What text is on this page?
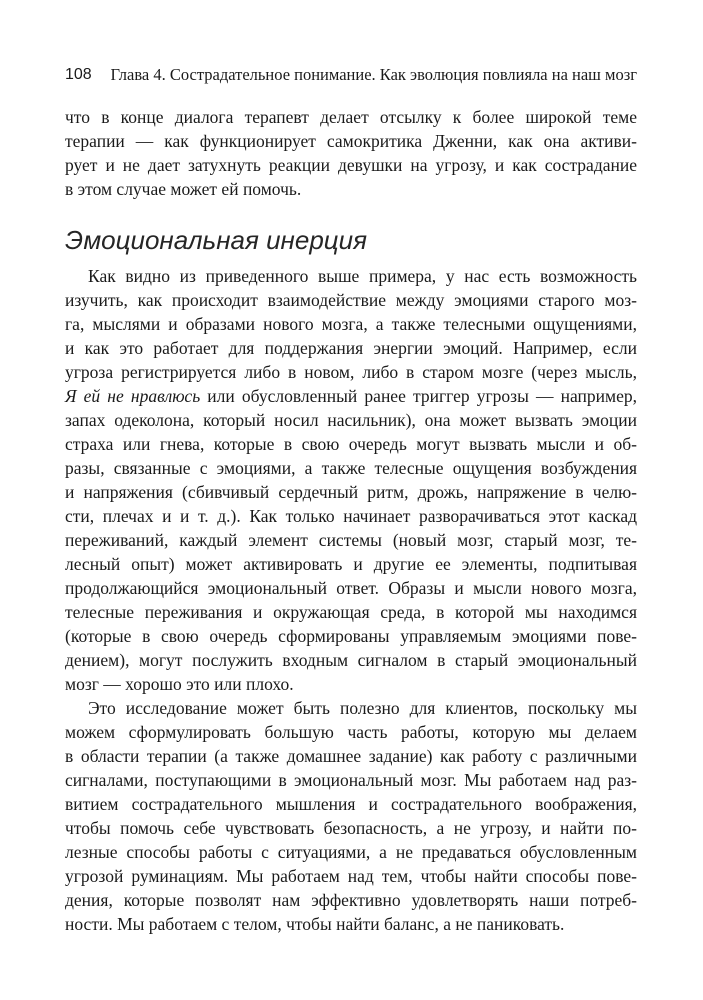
108 Глава 4. Сострадательное понимание. Как эволюция повлияла на наш мозг
что в конце диалога терапевт делает отсылку к более широкой теме
терапии — как функционирует самокритика Дженни, как она активи-
рует и не дает затухнуть реакции девушки на угрозу, и как сострадание
в этом случае может ей помочь.
Эмоциональная инерция
Как видно из приведенного выше примера, у нас есть возможность
изучить, как происходит взаимодействие между эмоциями старого моз-
га, мыслями и образами нового мозга, а также телесными ощущениями,
и как это работает для поддержания энергии эмоций. Например, если
угроза регистрируется либо в новом, либо в старом мозге (через мысль,
Я ей не нравлюсь или обусловленный ранее триггер угрозы — например,
запах одеколона, который носил насильник), она может вызвать эмоции
страха или гнева, которые в свою очередь могут вызвать мысли и об-
разы, связанные с эмоциями, а также телесные ощущения возбуждения
и напряжения (сбивчивый сердечный ритм, дрожь, напряжение в челю-
сти, плечах и и т. д.). Как только начинает разворачиваться этот каскад
переживаний, каждый элемент системы (новый мозг, старый мозг, те-
лесный опыт) может активировать и другие ее элементы, подпитывая
продолжающийся эмоциональный ответ. Образы и мысли нового мозга,
телесные переживания и окружающая среда, в которой мы находимся
(которые в свою очередь сформированы управляемым эмоциями пове-
дением), могут послужить входным сигналом в старый эмоциональный
мозг — хорошо это или плохо.
Это исследование может быть полезно для клиентов, поскольку мы
можем сформулировать большую часть работы, которую мы делаем
в области терапии (а также домашнее задание) как работу с различными
сигналами, поступающими в эмоциональный мозг. Мы работаем над раз-
витием сострадательного мышления и сострадательного воображения,
чтобы помочь себе чувствовать безопасность, а не угрозу, и найти по-
лезные способы работы с ситуациями, а не предаваться обусловленным
угрозой руминациям. Мы работаем над тем, чтобы найти способы пове-
дения, которые позволят нам эффективно удовлетворять наши потреб-
ности. Мы работаем с телом, чтобы найти баланс, а не паниковать.
